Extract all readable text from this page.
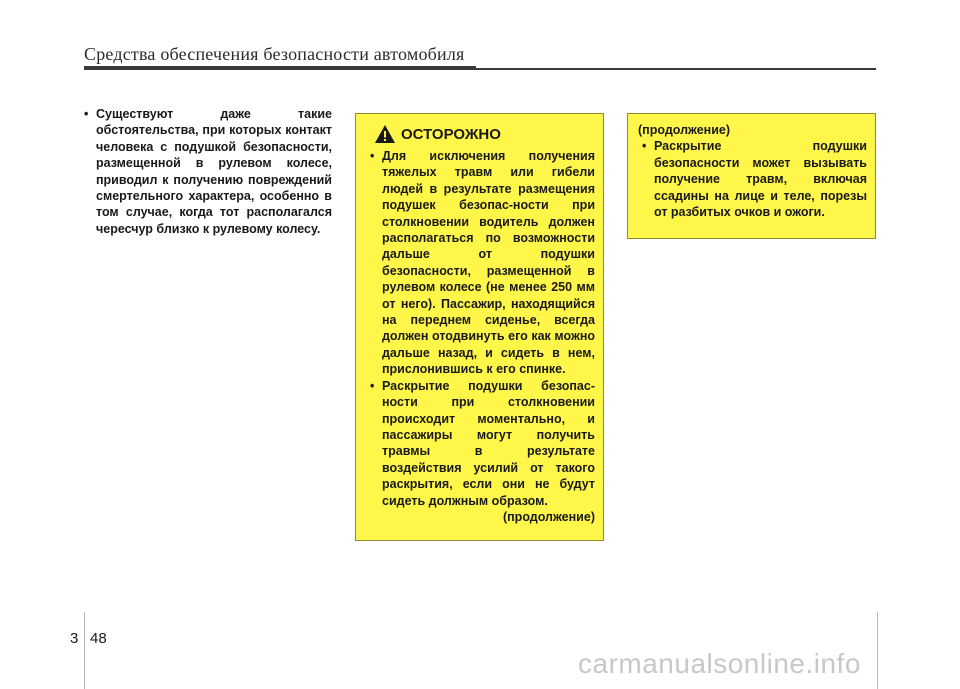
Средства обеспечения безопасности автомобиля

• Существуют даже такие обстоятельства, при которых контакт человека с подушкой безопасности, размещенной в рулевом колесе, приводил к получению повреждений смертельного характера, особенно в том случае, когда тот располагался чересчур близко к рулевому колесу.

ОСТОРОЖНО

• Для исключения получения тяжелых травм или гибели людей в результате размещения подушек безопас-ности при столкновении водитель должен располагаться по возможности дальше от подушки безопасности, размещенной в рулевом колесе (не менее 250 мм от него). Пассажир, находящийся на переднем сиденье, всегда должен отодвинуть его как можно дальше назад, и сидеть в нем, прислонившись к его спинке.

• Раскрытие подушки безопас-ности при столкновении происходит моментально, и пассажиры могут получить травмы в результате воздействия усилий от такого раскрытия, если они не будут сидеть должным образом.

(продолжение)
(продолжение)

• Раскрытие подушки безопасности может вызывать получение травм, включая ссадины на лице и теле, порезы от разбитых очков и ожоги.

3 48
carmanualsonline.info
